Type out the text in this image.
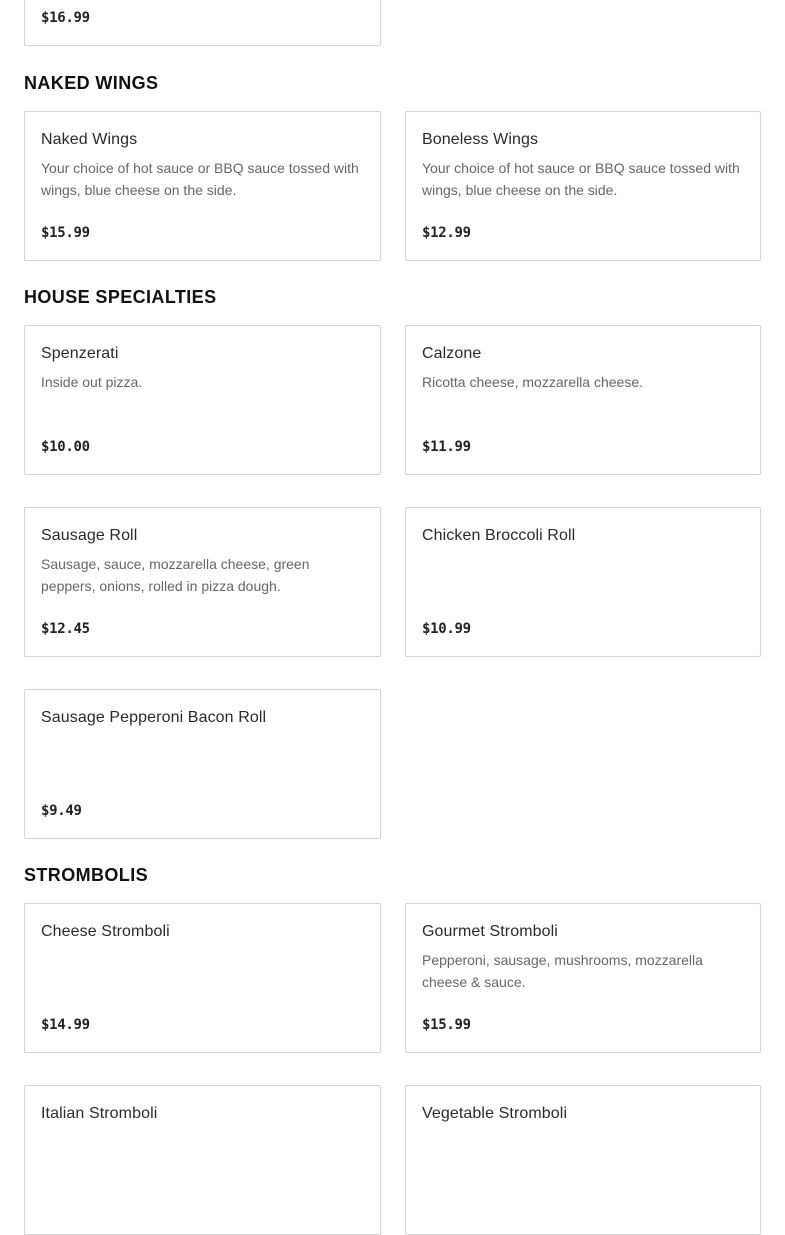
$16.99
NAKED WINGS
Naked Wings
Your choice of hot sauce or BBQ sauce tossed with wings, blue cheese on the side.
$15.99
Boneless Wings
Your choice of hot sauce or BBQ sauce tossed with wings, blue cheese on the side.
$12.99
HOUSE SPECIALTIES
Spenzerati
Inside out pizza.
$10.00
Calzone
Ricotta cheese, mozzarella cheese.
$11.99
Sausage Roll
Sausage, sauce, mozzarella cheese, green peppers, onions, rolled in pizza dough.
$12.45
Chicken Broccoli Roll
$10.99
Sausage Pepperoni Bacon Roll
$9.49
STROMBOLIS
Cheese Stromboli
$14.99
Gourmet Stromboli
Pepperoni, sausage, mushrooms, mozzarella cheese & sauce.
$15.99
Italian Stromboli	Vegetable Stromboli
